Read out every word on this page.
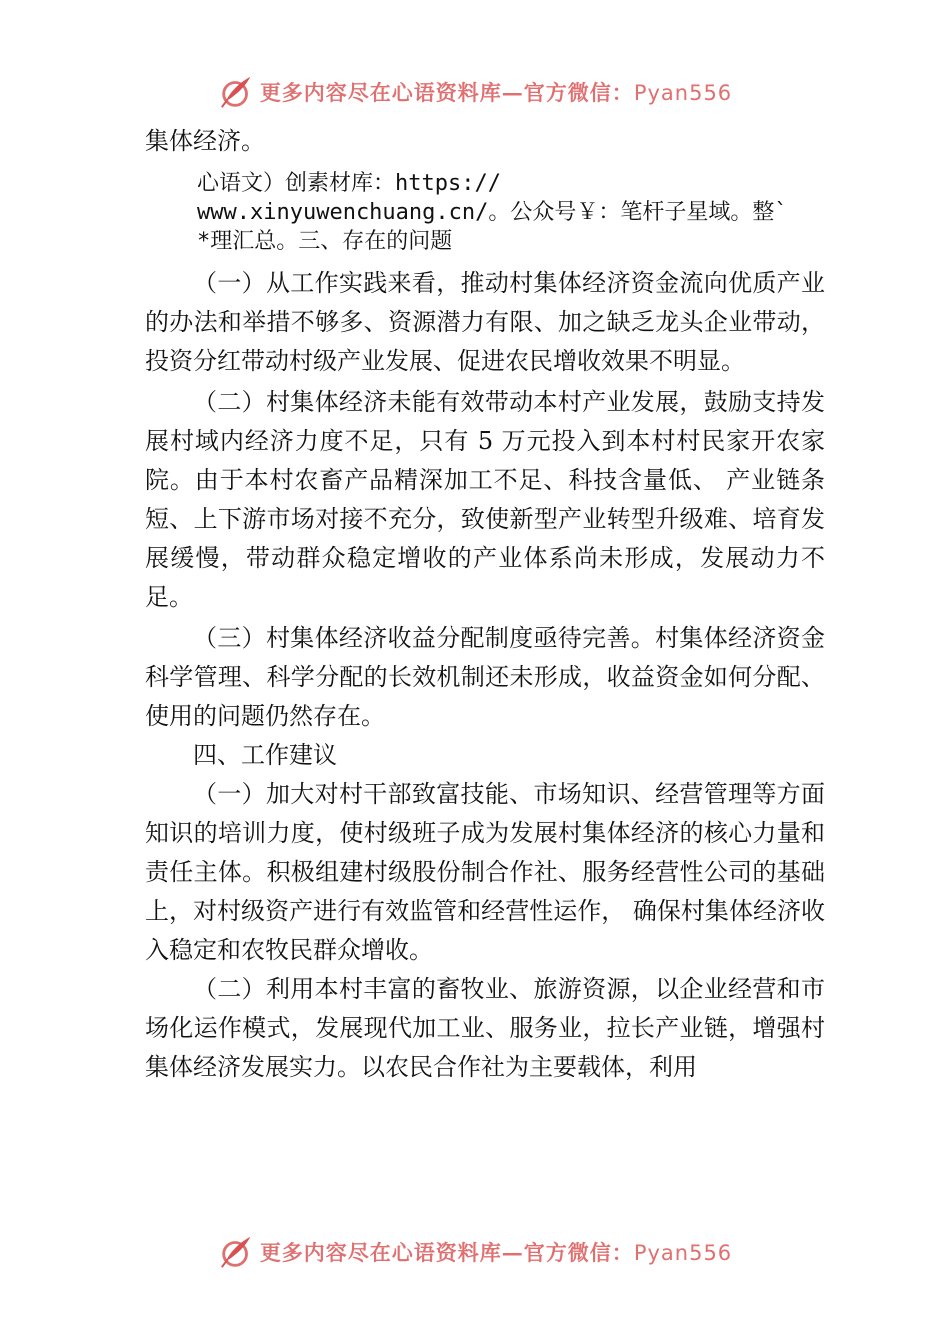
更多内容尽在心语资料库—官方微信：Pyan556

集体经济。

心语文）创素材库：https://
www.xinyuwenchuang.cn/。公众号￥：笔杆子星域。整`
*理汇总。三、存在的问题

（一）从工作实践来看，推动村集体经济资金流向优质产业的办法和举措不够多、资源潜力有限、加之缺乏龙头企业带动，投资分红带动村级产业发展、促进农民增收效果不明显。

（二）村集体经济未能有效带动本村产业发展，鼓励支持发展村域内经济力度不足，只有 5 万元投入到本村村民家开农家院。由于本村农畜产品精深加工不足、科技含量低、 产业链条短、上下游市场对接不充分，致使新型产业转型升级难、培育发展缓慢，带动群众稳定增收的产业体系尚未形成，发展动力不足。

（三）村集体经济收益分配制度亟待完善。村集体经济资金科学管理、科学分配的长效机制还未形成，收益资金如何分配、使用的问题仍然存在。

四、工作建议

（一）加大对村干部致富技能、市场知识、经营管理等方面知识的培训力度，使村级班子成为发展村集体经济的核心力量和责任主体。积极组建村级股份制合作社、服务经营性公司的基础上，对村级资产进行有效监管和经营性运作， 确保村集体经济收入稳定和农牧民群众增收。

（二）利用本村丰富的畜牧业、旅游资源，以企业经营和市场化运作模式，发展现代加工业、服务业，拉长产业链，增强村集体经济发展实力。以农民合作社为主要载体，利用

更多内容尽在心语资料库—官方微信：Pyan556
